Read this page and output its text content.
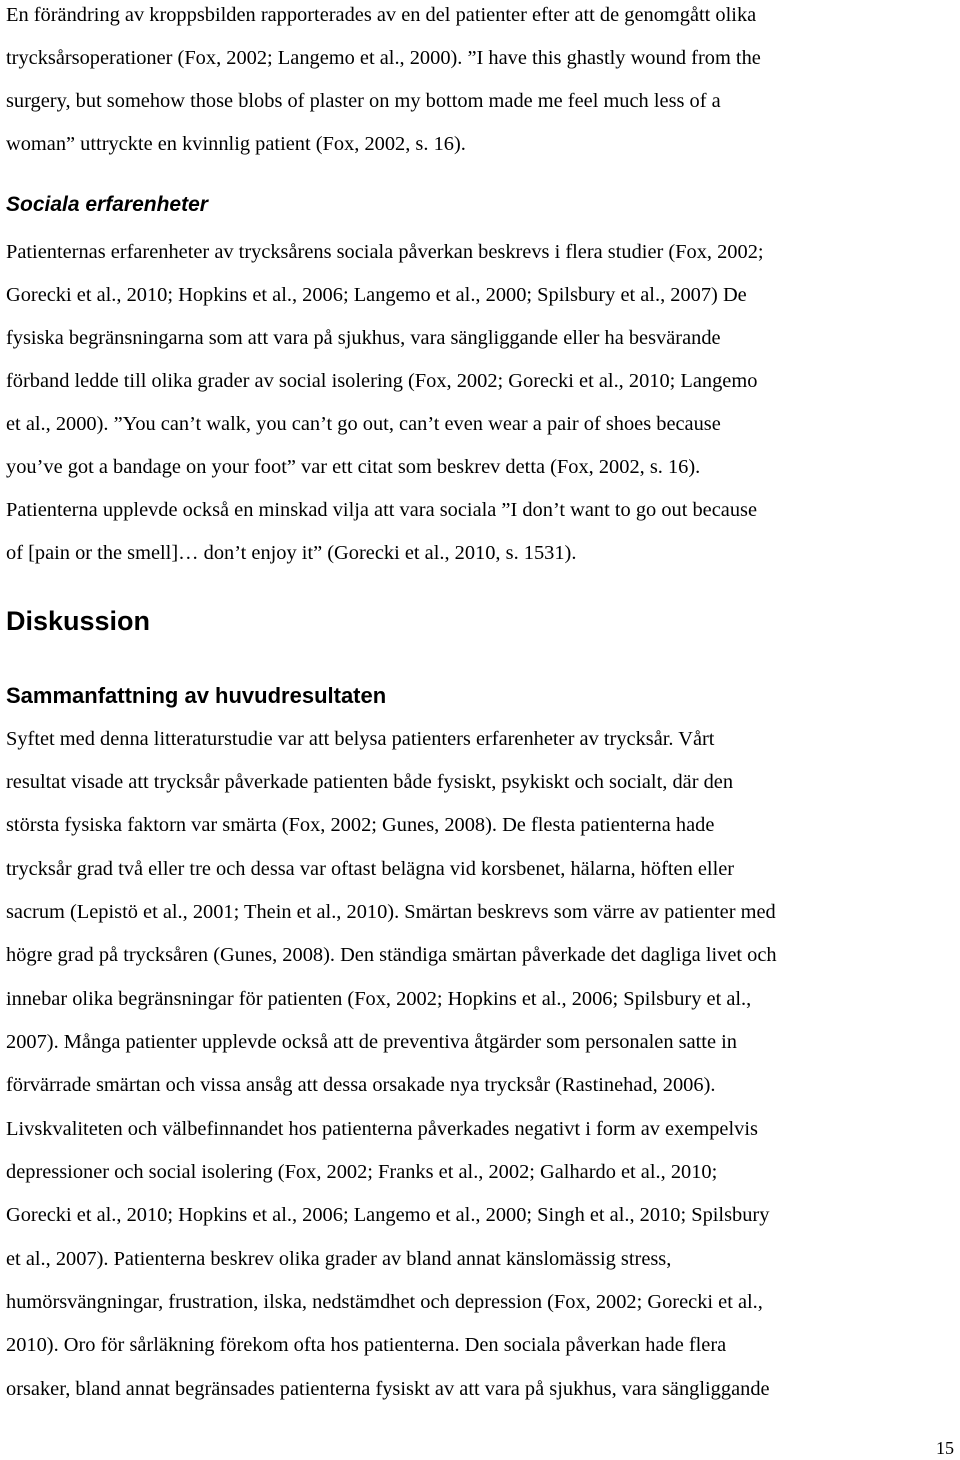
En förändring av kroppsbilden rapporterades av en del patienter efter att de genomgått olika
trycksårsoperationer (Fox, 2002; Langemo et al., 2000). ”I have this ghastly wound from the
surgery, but somehow those blobs of plaster on my bottom made me feel much less of a
woman” uttryckte en kvinnlig patient (Fox, 2002, s. 16).
Sociala erfarenheter
Patienternas erfarenheter av trycksårens sociala påverkan beskrevs i flera studier (Fox, 2002;
Gorecki et al., 2010; Hopkins et al., 2006; Langemo et al., 2000; Spilsbury et al., 2007) De
fysiska begränsningarna som att vara på sjukhus, vara sängliggande eller ha besvärande
förband ledde till olika grader av social isolering (Fox, 2002; Gorecki et al., 2010; Langemo
et al., 2000). ”You can’t walk, you can’t go out, can’t even wear a pair of shoes because
you’ve got a bandage on your foot” var ett citat som beskrev detta (Fox, 2002, s. 16).
Patienterna upplevde också en minskad vilja att vara sociala ”I don’t want to go out because
of [pain or the smell]… don’t enjoy it” (Gorecki et al., 2010, s. 1531).
Diskussion
Sammanfattning av huvudresultaten
Syftet med denna litteraturstudie var att belysa patienters erfarenheter av trycksår. Vårt
resultat visade att trycksår påverkade patienten både fysiskt, psykiskt och socialt, där den
största fysiska faktorn var smärta (Fox, 2002; Gunes, 2008). De flesta patienterna hade
trycksår grad två eller tre och dessa var oftast belägna vid korsbenet, hälarna, höften eller
sacrum (Lepistö et al., 2001; Thein et al., 2010). Smärtan beskrevs som värre av patienter med
högre grad på trycksåren (Gunes, 2008). Den ständiga smärtan påverkade det dagliga livet och
innebar olika begränsningar för patienten (Fox, 2002; Hopkins et al., 2006; Spilsbury et al.,
2007). Många patienter upplevde också att de preventiva åtgärder som personalen satte in
förvärrade smärtan och vissa ansåg att dessa orsakade nya trycksår (Rastinehad, 2006).
Livskvaliteten och välbefinnandet hos patienterna påverkades negativt i form av exempelvis
depressioner och social isolering (Fox, 2002; Franks et al., 2002; Galhardo et al., 2010;
Gorecki et al., 2010; Hopkins et al., 2006; Langemo et al., 2000; Singh et al., 2010; Spilsbury
et al., 2007). Patienterna beskrev olika grader av bland annat känslomässig stress,
humörsvängningar, frustration, ilska, nedstämdhet och depression (Fox, 2002; Gorecki et al.,
2010). Oro för sårläkning förekom ofta hos patienterna. Den sociala påverkan hade flera
orsaker, bland annat begränsades patienterna fysiskt av att vara på sjukhus, vara sängliggande
15
